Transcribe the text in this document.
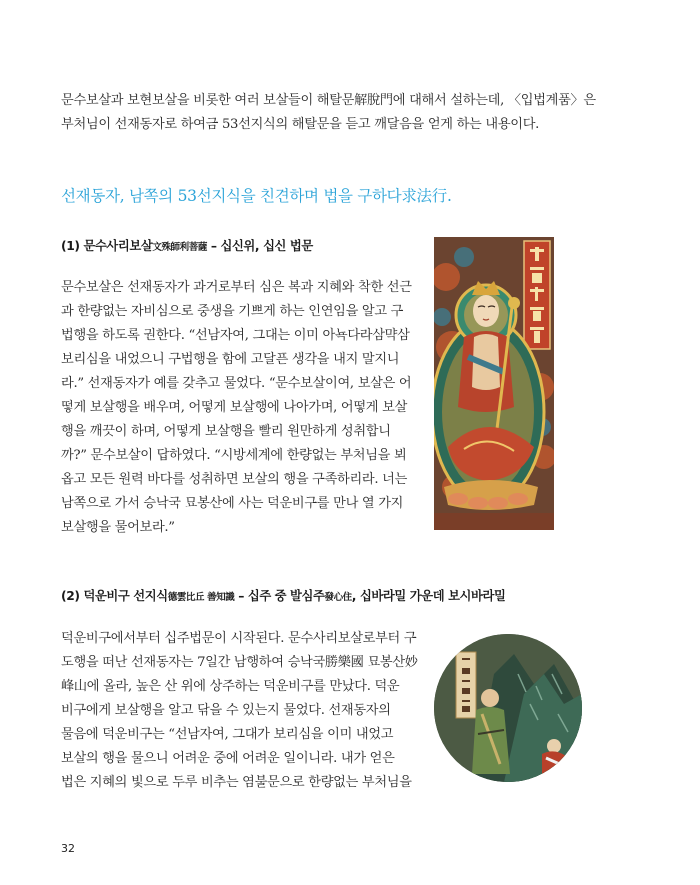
문수보살과 보현보살을 비롯한 여러 보살들이 해탈문解脫門에 대해서 설하는데, 〈입법계품〉은

부처님이 선재동자로 하여금 53선지식의 해탈문을 듣고 깨달음을 얻게 하는 내용이다.

선재동자, 남쪽의 53선지식을 친견하며 법을 구하다求法行.
(1) 문수사리보살文殊師利菩薩 – 십신위, 십신 법문

문수보살은 선재동자가 과거로부터 심은 복과 지혜와 착한 선근

과 한량없는 자비심으로 중생을 기쁘게 하는 인연임을 알고 구

법행을 하도록 권한다. “선남자여, 그대는 이미 아뇩다라삼먁삼

보리심을 내었으니 구법행을 함에 고달픈 생각을 내지 말지니

라.” 선재동자가 예를 갖추고 물었다. “문수보살이여, 보살은 어

떻게 보살행을 배우며, 어떻게 보살행에 나아가며, 어떻게 보살

행을 깨끗이 하며, 어떻게 보살행을 빨리 원만하게 성취합니

까?” 문수보살이 답하였다. “시방세계에 한량없는 부처님을 뵈

옵고 모든 원력 바다를 성취하면 보살의 행을 구족하리라. 너는

남쪽으로 가서 승낙국 묘봉산에 사는 덕운비구를 만나 열 가지

보살행을 물어보라.”

(2) 덕운비구 선지식德雲比丘 善知識 – 십주 중 발심주發心住, 십바라밀 가운데 보시바라밀

덕운비구에서부터 십주법문이 시작된다. 문수사리보살로부터 구

도행을 떠난 선재동자는 7일간 남행하여 승낙국勝樂國 묘봉산妙

峰山에 올라, 높은 산 위에 상주하는 덕운비구를 만났다. 덕운

비구에게 보살행을 알고 닦을 수 있는지 물었다. 선재동자의

물음에 덕운비구는 “선남자여, 그대가 보리심을 이미 내었고

보살의 행을 물으니 어려운 중에 어려운 일이니라. 내가 얻은

법은 지혜의 빛으로 두루 비추는 염불문으로 한량없는 부처님을

32
